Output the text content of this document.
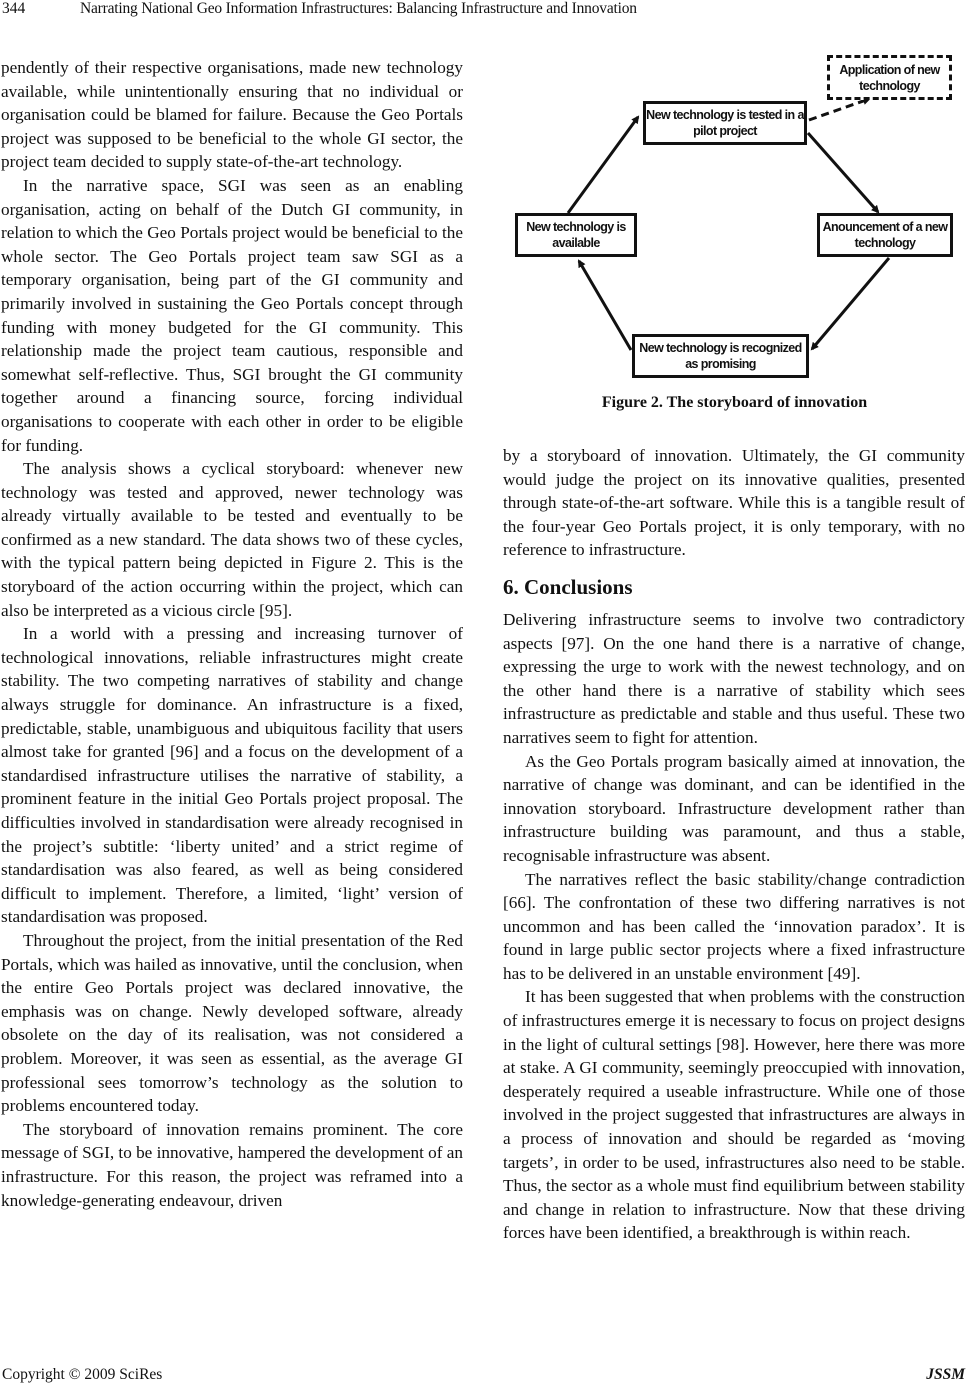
344	Narrating National Geo Information Infrastructures: Balancing Infrastructure and Innovation

pendently of their respective organisations, made new technology available, while unintentionally ensuring that no individual or organisation could be blamed for failure. Because the Geo Portals project was supposed to be beneficial to the whole GI sector, the project team decided to supply state-of-the-art technology.

In the narrative space, SGI was seen as an enabling organisation, acting on behalf of the Dutch GI community, in relation to which the Geo Portals project would be beneficial to the whole sector. The Geo Portals project team saw SGI as a temporary organisation, being part of the GI community and primarily involved in sustaining the Geo Portals concept through funding with money budgeted for the GI community. This relationship made the project team cautious, responsible and somewhat self-reflective. Thus, SGI brought the GI community together around a financing source, forcing individual organisations to cooperate with each other in order to be eligible for funding.

The analysis shows a cyclical storyboard: whenever new technology was tested and approved, newer technology was already virtually available to be tested and eventually to be confirmed as a new standard. The data shows two of these cycles, with the typical pattern being depicted in Figure 2. This is the storyboard of the action occurring within the project, which can also be interpreted as a vicious circle [95].

In a world with a pressing and increasing turnover of technological innovations, reliable infrastructures might create stability. The two competing narratives of stability and change always struggle for dominance. An infrastructure is a fixed, predictable, stable, unambiguous and ubiquitous facility that users almost take for granted [96] and a focus on the development of a standardised infrastructure utilises the narrative of stability, a prominent feature in the initial Geo Portals project proposal. The difficulties involved in standardisation were already recognised in the project’s subtitle: ‘liberty united’ and a strict regime of standardisation was also feared, as well as being considered difficult to implement. Therefore, a limited, ‘light’ version of standardisation was proposed.

Throughout the project, from the initial presentation of the Red Portals, which was hailed as innovative, until the conclusion, when the entire Geo Portals project was declared innovative, the emphasis was on change. Newly developed software, already obsolete on the day of its realisation, was not considered a problem. Moreover, it was seen as essential, as the average GI professional sees tomorrow’s technology as the solution to problems encountered today.

The storyboard of innovation remains prominent. The core message of SGI, to be innovative, hampered the development of an infrastructure. For this reason, the project was reframed into a knowledge-generating endeavour, driven

New technology is tested in a pilot project
Application of new technology
New technology is available
Anouncement of a new technology
New technology is recognized as promising
Figure 2. The storyboard of innovation

by a storyboard of innovation. Ultimately, the GI community would judge the project on its innovative qualities, presented through state-of-the-art software. While this is a tangible result of the four-year Geo Portals project, it is only temporary, with no reference to infrastructure.

6. Conclusions

Delivering infrastructure seems to involve two contradictory aspects [97]. On the one hand there is a narrative of change, expressing the urge to work with the newest technology, and on the other hand there is a narrative of stability which sees infrastructure as predictable and stable and thus useful. These two narratives seem to fight for attention.

As the Geo Portals program basically aimed at innovation, the narrative of change was dominant, and can be identified in the innovation storyboard. Infrastructure development rather than infrastructure building was paramount, and thus a stable, recognisable infrastructure was absent.

The narratives reflect the basic stability/change contradiction [66]. The confrontation of these two differing narratives is not uncommon and has been called the ‘innovation paradox’. It is found in large public sector projects where a fixed infrastructure has to be delivered in an unstable environment [49].

It has been suggested that when problems with the construction of infrastructures emerge it is necessary to focus on project designs in the light of cultural settings [98]. However, here there was more at stake. A GI community, seemingly preoccupied with innovation, desperately required a useable infrastructure. While one of those involved in the project suggested that infrastructures are always in a process of innovation and should be regarded as ‘moving targets’, in order to be used, infrastructures also need to be stable. Thus, the sector as a whole must find equilibrium between stability and change in relation to infrastructure. Now that these driving forces have been identified, a breakthrough is within reach.

Copyright © 2009 SciRes	JSSM
